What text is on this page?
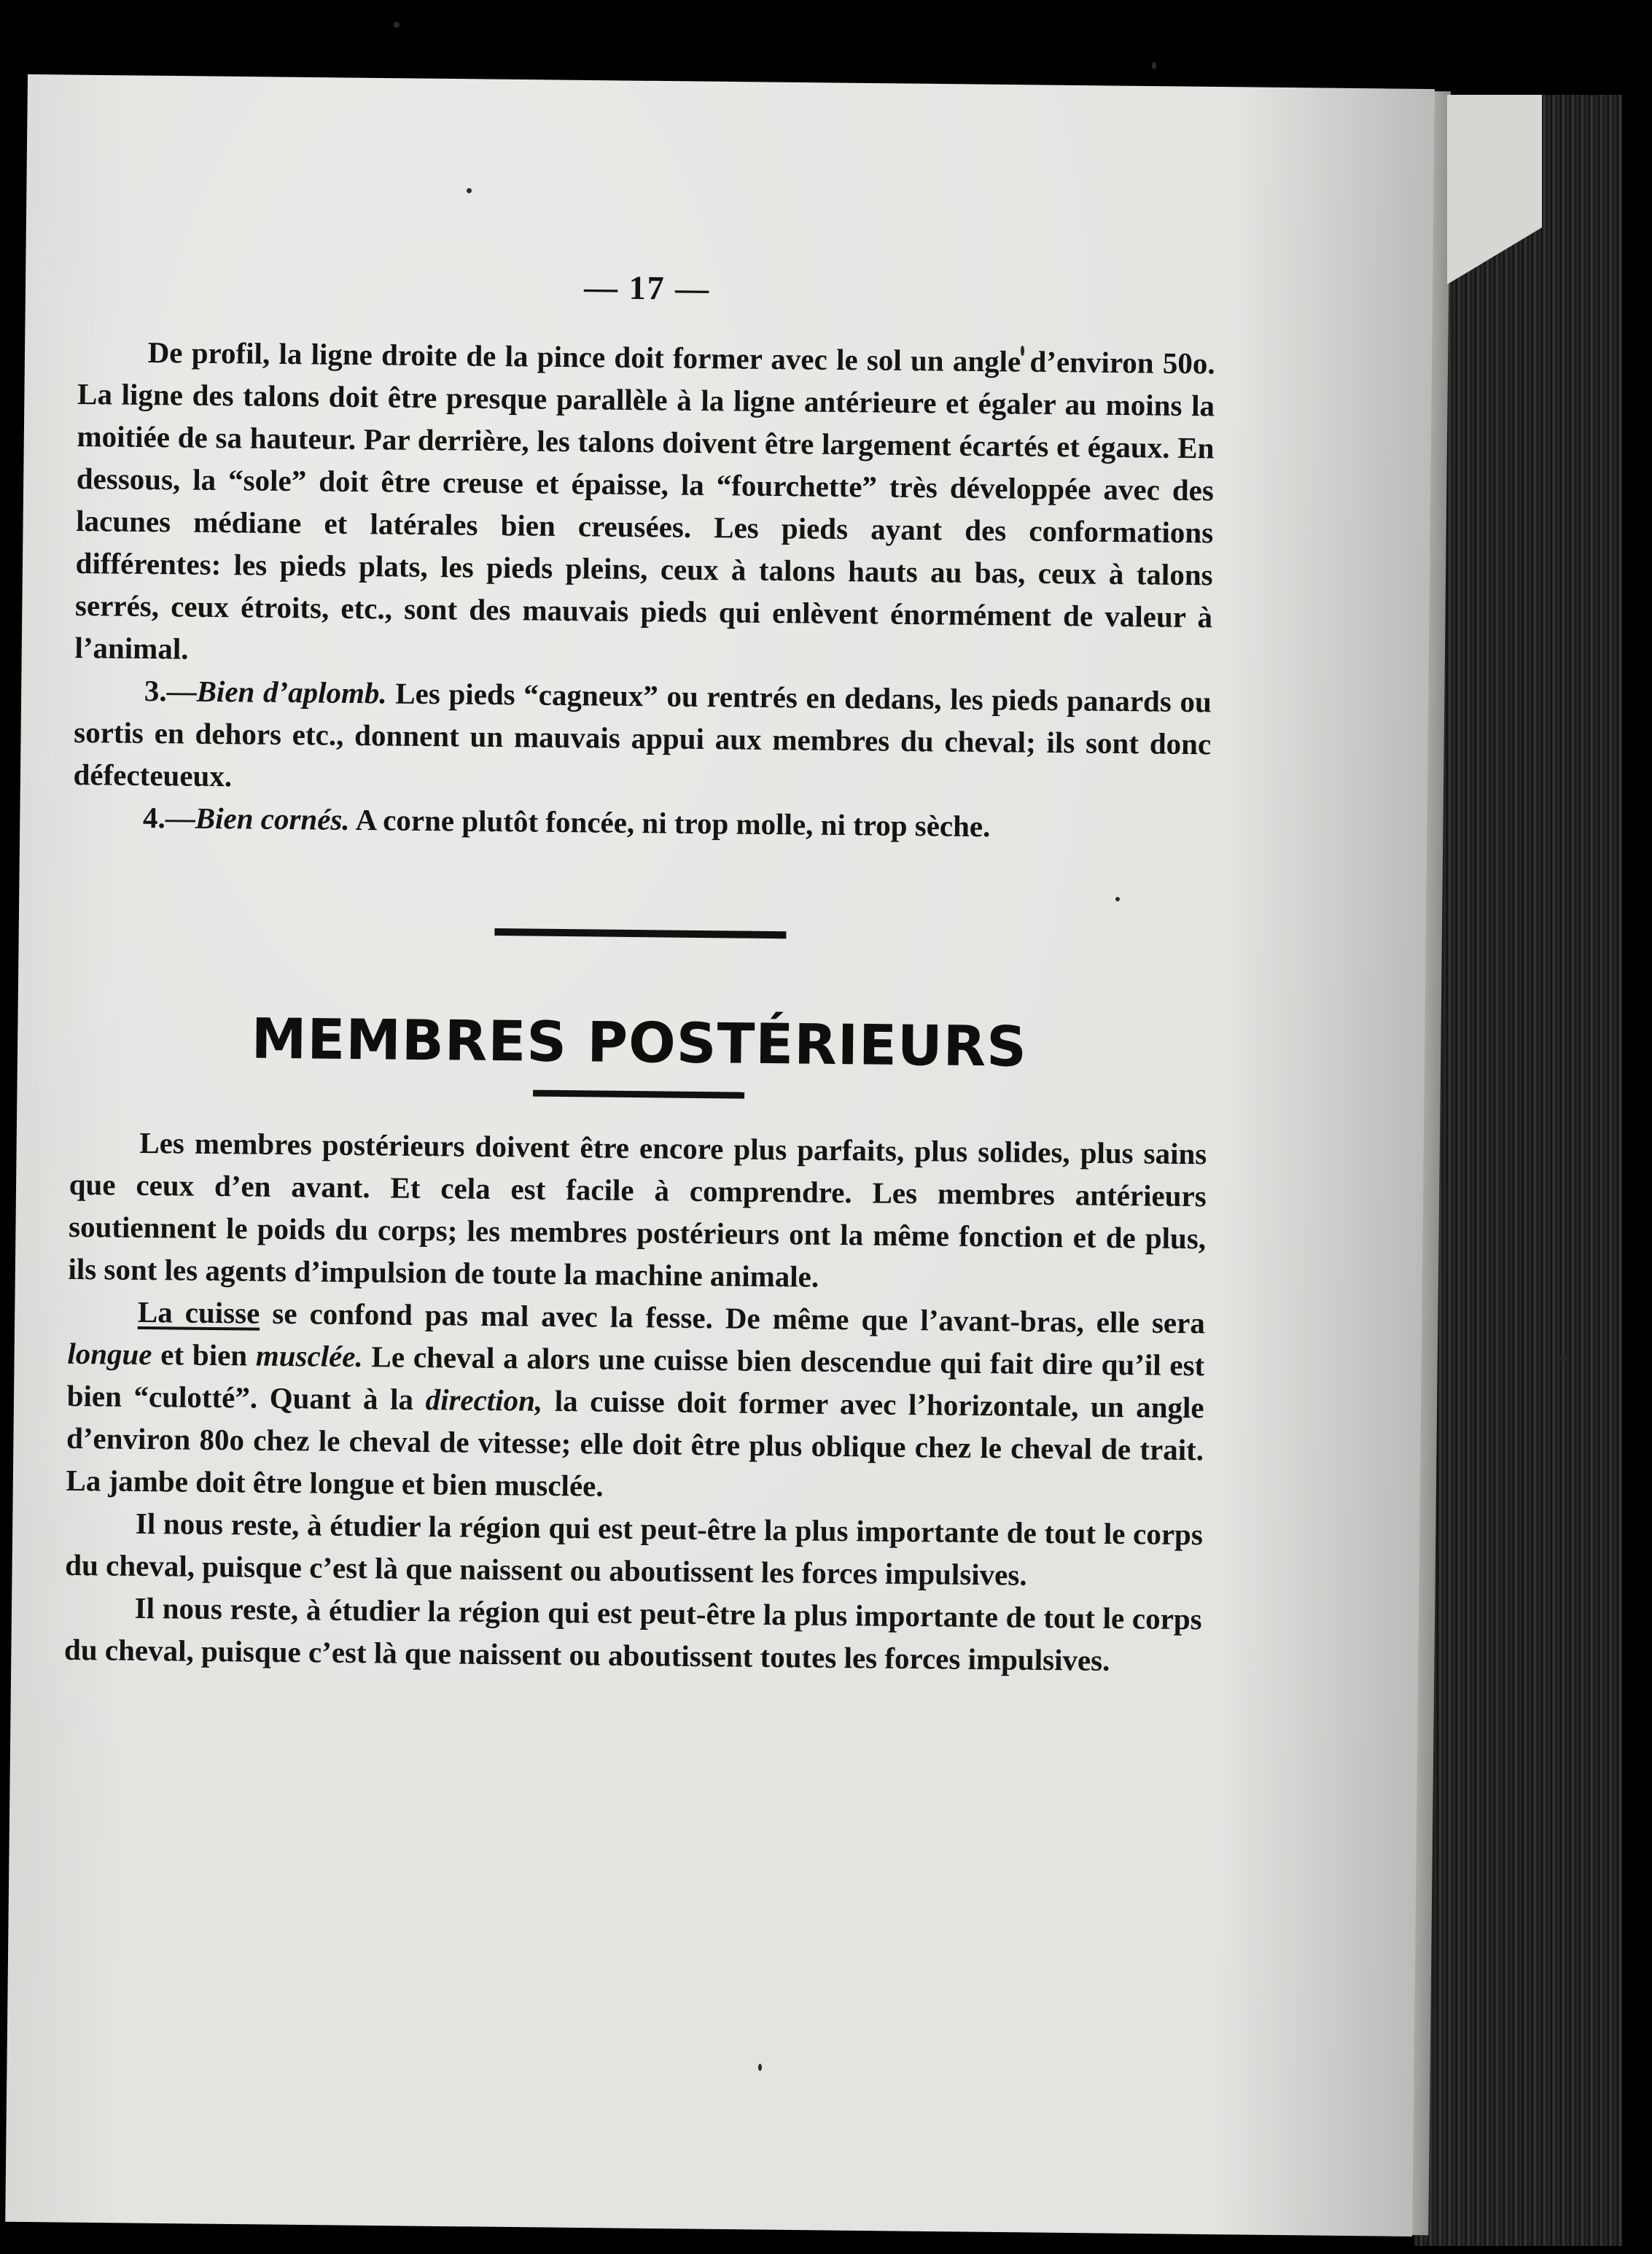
— 17 —

De profil, la ligne droite de la pince doit former avec le sol un angle d’environ 50o. La ligne des talons doit être presque parallèle à la ligne antérieure et égaler au moins la moitiée de sa hauteur. Par derrière, les talons doivent être largement écartés et égaux. En dessous, la “sole” doit être creuse et épaisse, la “fourchette” très développée avec des lacunes médiane et latérales bien creusées. Les pieds ayant des conformations différentes: les pieds plats, les pieds pleins, ceux à talons hauts au bas, ceux à talons serrés, ceux étroits, etc., sont des mauvais pieds qui enlèvent énormément de valeur à l’animal.

3.—Bien d’aplomb. Les pieds “cagneux” ou rentrés en dedans, les pieds panards ou sortis en dehors etc., donnent un mauvais appui aux membres du cheval; ils sont donc défecteueux.

4.—Bien cornés. A corne plutôt foncée, ni trop molle, ni trop sèche.

MEMBRES POSTÉRIEURS

Les membres postérieurs doivent être encore plus parfaits, plus solides, plus sains que ceux d’en avant. Et cela est facile à comprendre. Les membres antérieurs soutiennent le poids du corps; les membres postérieurs ont la même fonction et de plus, ils sont les agents d’impulsion de toute la machine animale.

La cuisse se confond pas mal avec la fesse. De même que l’avant-bras, elle sera longue et bien musclée. Le cheval a alors une cuisse bien descendue qui fait dire qu’il est bien “culotté”. Quant à la direction, la cuisse doit former avec l’horizontale, un angle d’environ 80o chez le cheval de vitesse; elle doit être plus oblique chez le cheval de trait. La jambe doit être longue et bien musclée.

Il nous reste, à étudier la région qui est peut-être la plus importante de tout le corps du cheval, puisque c’est là que naissent ou aboutissent les forces impulsives.

Il nous reste, à étudier la région qui est peut-être la plus importante de tout le corps du cheval, puisque c’est là que naissent ou aboutissent toutes les forces impulsives.
